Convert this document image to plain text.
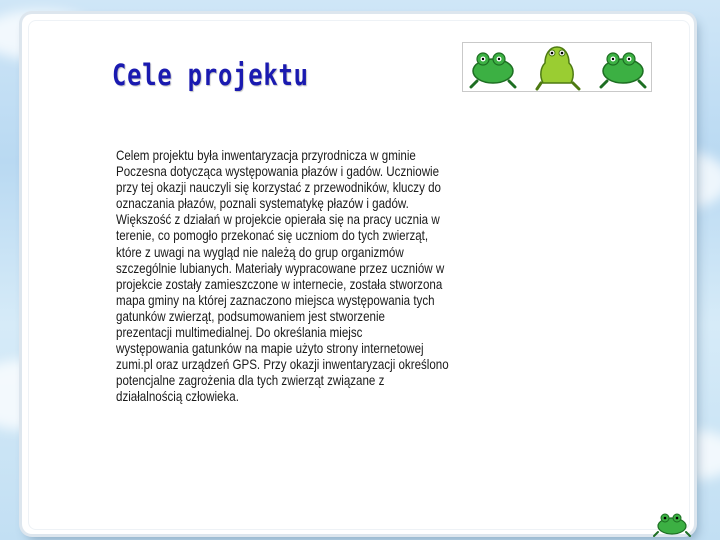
Cele projektu

Celem projektu była inwentaryzacja przyrodnicza w gminie
Poczesna dotycząca występowania płazów i gadów. Uczniowie
przy tej okazji nauczyli się korzystać z przewodników, kluczy do
oznaczania płazów, poznali systematykę płazów i gadów.
Większość z działań w projekcie opierała się na pracy ucznia w
terenie, co pomogło przekonać się uczniom do tych zwierząt,
które z uwagi na wygląd nie należą do grup organizmów
szczególnie lubianych. Materiały wypracowane przez uczniów w
projekcie zostały zamieszczone w internecie, została stworzona
mapa gminy na której zaznaczono miejsca występowania tych
gatunków zwierząt, podsumowaniem jest stworzenie
prezentacji multimedialnej. Do określania miejsc
występowania gatunków na mapie użyto strony internetowej
zumi.pl oraz urządzeń GPS. Przy okazji inwentaryzacji określono
potencjalne zagrożenia dla tych zwierząt związane z
działalnością człowieka.
